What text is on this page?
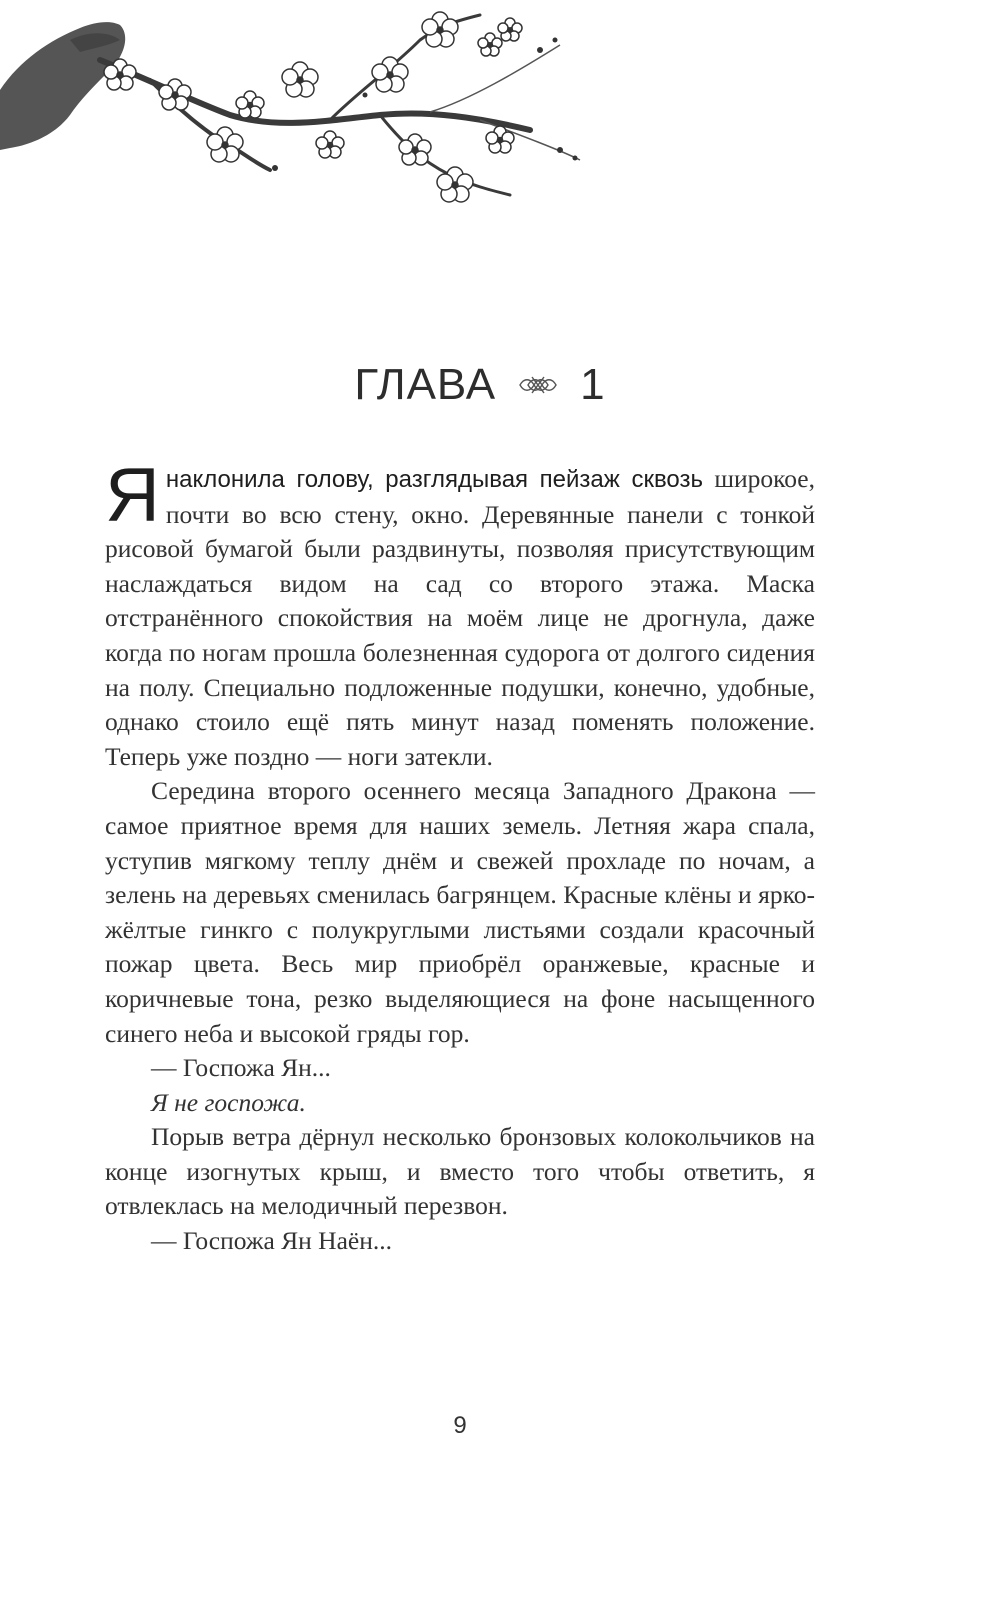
ГЛАВА 1

Я наклонила голову, разглядывая пейзаж сквозь широкое, почти во всю стену, окно. Деревянные панели с тонкой рисовой бумагой были раздвинуты, позволяя присутствующим наслаждаться видом на сад со второго этажа. Маска отстранённого спокойствия на моём лице не дрогнула, даже когда по ногам прошла болезненная судорога от долгого сидения на полу. Специально подложенные подушки, конечно, удобные, однако стоило ещё пять минут назад поменять положение. Теперь уже поздно — ноги затекли.

Середина второго осеннего месяца Западного Дракона — самое приятное время для наших земель. Летняя жара спала, уступив мягкому теплу днём и свежей прохладе по ночам, а зелень на деревьях сменилась багрянцем. Красные клёны и ярко-жёлтые гинкго с полукруглыми листьями создали красочный пожар цвета. Весь мир приобрёл оранжевые, красные и коричневые тона, резко выделяющиеся на фоне насыщенного синего неба и высокой гряды гор.

— Госпожа Ян...

Я не госпожа.

Порыв ветра дёрнул несколько бронзовых колокольчиков на конце изогнутых крыш, и вместо того чтобы ответить, я отвлеклась на мелодичный перезвон.

— Госпожа Ян Наён...

9
